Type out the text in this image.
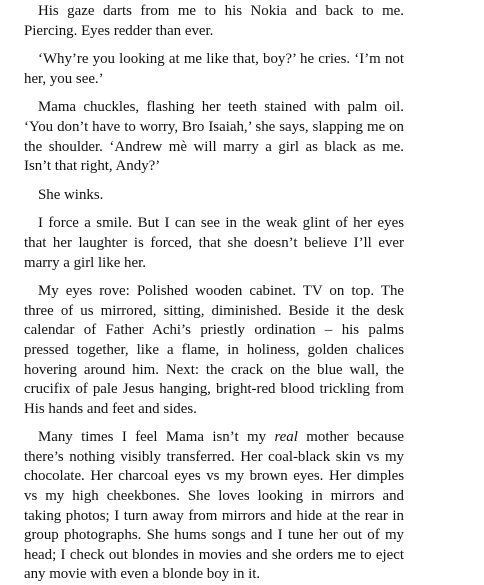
His gaze darts from me to his Nokia and back to me. Piercing. Eyes redder than ever.

‘Why’re you looking at me like that, boy?’ he cries. ‘I’m not her, you see.’

Mama chuckles, flashing her teeth stained with palm oil. ‘You don’t have to worry, Bro Isaiah,’ she says, slapping me on the shoulder. ‘Andrew mè will marry a girl as black as me. Isn’t that right, Andy?’

She winks.

I force a smile. But I can see in the weak glint of her eyes that her laughter is forced, that she doesn’t believe I’ll ever marry a girl like her.

My eyes rove: Polished wooden cabinet. TV on top. The three of us mirrored, sitting, diminished. Beside it the desk calendar of Father Achi’s priestly ordination – his palms pressed together, like a flame, in holiness, golden chalices hovering around him. Next: the crack on the blue wall, the crucifix of pale Jesus hanging, bright-red blood trickling from His hands and feet and sides.

Many times I feel Mama isn’t my real mother because there’s nothing visibly transferred. Her coal-black skin vs my chocolate. Her charcoal eyes vs my brown eyes. Her dimples vs my high cheekbones. She loves looking in mirrors and taking photos; I turn away from mirrors and hide at the rear in group photographs. She hums songs and I tune her out of my head; I check out blondes in movies and she orders me to eject any movie with even a blonde boy in it.
